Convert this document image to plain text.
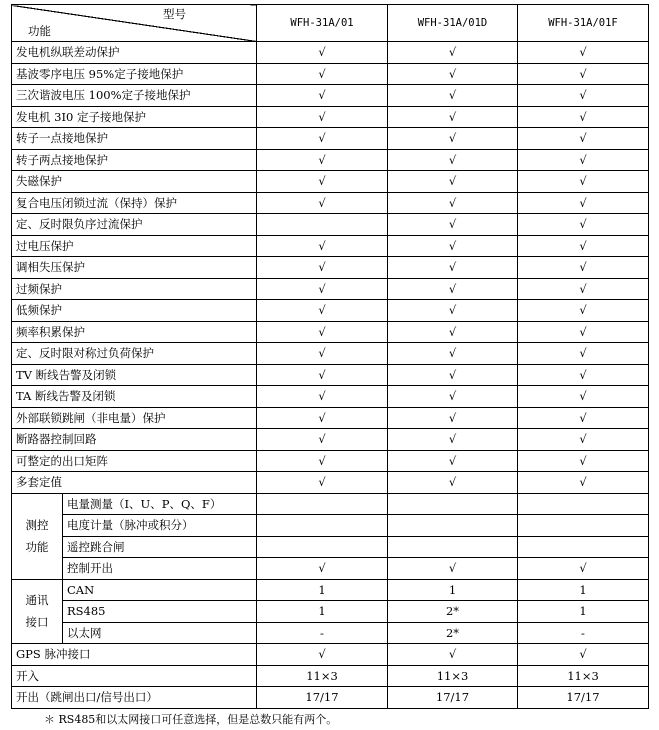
型号
功能		WFH-31A/01	WFH-31A/01D	WFH-31A/01F
发电机纵联差动保护		√	√	√
基波零序电压 95%定子接地保护		√	√	√
三次谐波电压 100%定子接地保护		√	√	√
发电机 3I0 定子接地保护		√	√	√
转子一点接地保护		√	√	√
转子两点接地保护		√	√	√
失磁保护		√	√	√
复合电压闭锁过流（保持）保护		√	√	√
定、反时限负序过流保护			√	√
过电压保护		√	√	√
调相失压保护		√	√	√
过频保护		√	√	√
低频保护		√	√	√
频率积累保护		√	√	√
定、反时限对称过负荷保护		√	√	√
TV 断线告警及闭锁		√	√	√
TA 断线告警及闭锁		√	√	√
外部联锁跳闸（非电量）保护		√	√	√
断路器控制回路		√	√	√
可整定的出口矩阵		√	√	√
多套定值		√	√	√

测控
功能	电量测量（I、U、P、Q、F）			
	电度计量（脉冲或积分）			
	遥控跳合闸			
	控制开出	√	√	√

通讯
接口	CAN	1	1	1
	RS485	1	2*	1
	以太网	-	2*	-
GPS 脉冲接口		√	√	√
开入		11×3	11×3	11×3
开出（跳闸出口/信号出口）		17/17	17/17	17/17
＊ RS485和以太网接口可任意选择，但是总数只能有两个。
